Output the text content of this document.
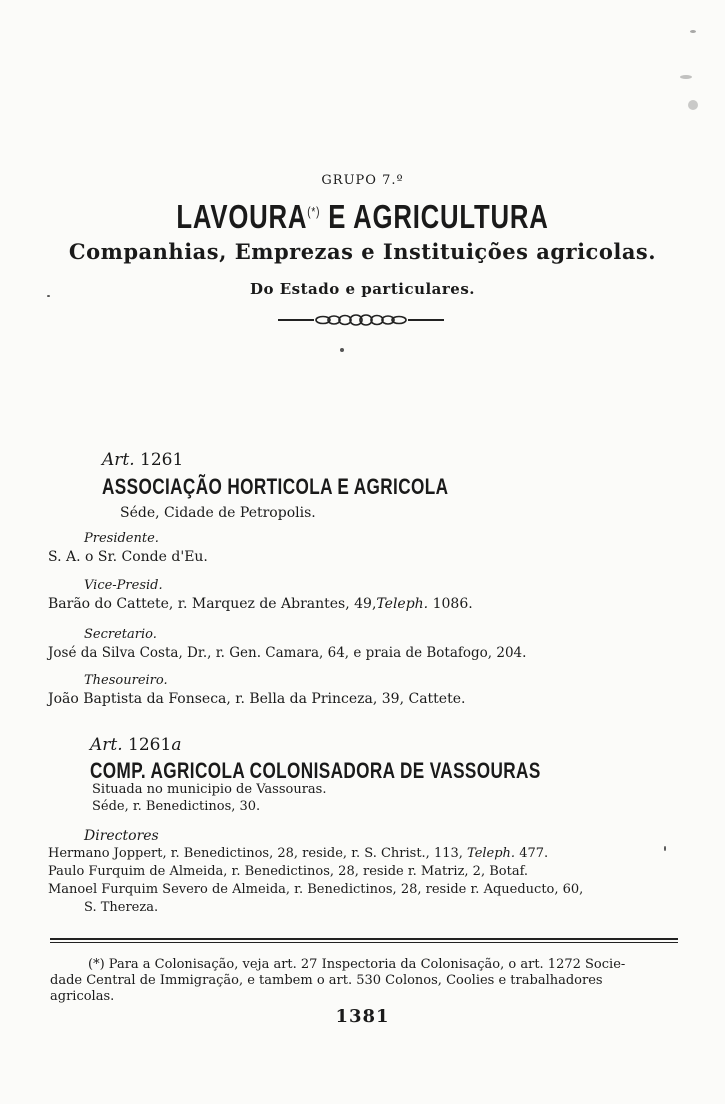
GRUPO 7.º
LAVOURA(*) E AGRICULTURA
Companhias, Emprezas e Instituições agricolas.
Do Estado e particulares.
Art. 1261
ASSOCIAÇÃO HORTICOLA E AGRICOLA
Séde, Cidade de Petropolis.
Presidente.
S. A. o Sr. Conde d'Eu.
Vice-Presid.
Barão do Cattete, r. Marquez de Abrantes, 49,Teleph. 1086.
Secretario.
José da Silva Costa, Dr., r. Gen. Camara, 64, e praia de Botafogo, 204.
Thesoureiro.
João Baptista da Fonseca, r. Bella da Princeza, 39, Cattete.
Art. 1261a
COMP. AGRICOLA COLONISADORA DE VASSOURAS
Situada no municipio de Vassouras.
Séde, r. Benedictinos, 30.
Directores
Hermano Joppert, r. Benedictinos, 28, reside, r. S. Christ., 113, Teleph. 477.
Paulo Furquim de Almeida, r. Benedictinos, 28, reside r. Matriz, 2, Botaf.
Manoel Furquim Severo de Almeida, r. Benedictinos, 28, reside r. Aqueducto, 60,
S. Thereza.
(*) Para a Colonisação, veja art. 27 Inspectoria da Colonisação, o art. 1272 Socie-
dade Central de Immigração, e tambem o art. 530 Colonos, Coolies e trabalhadores
agricolas.
1381
